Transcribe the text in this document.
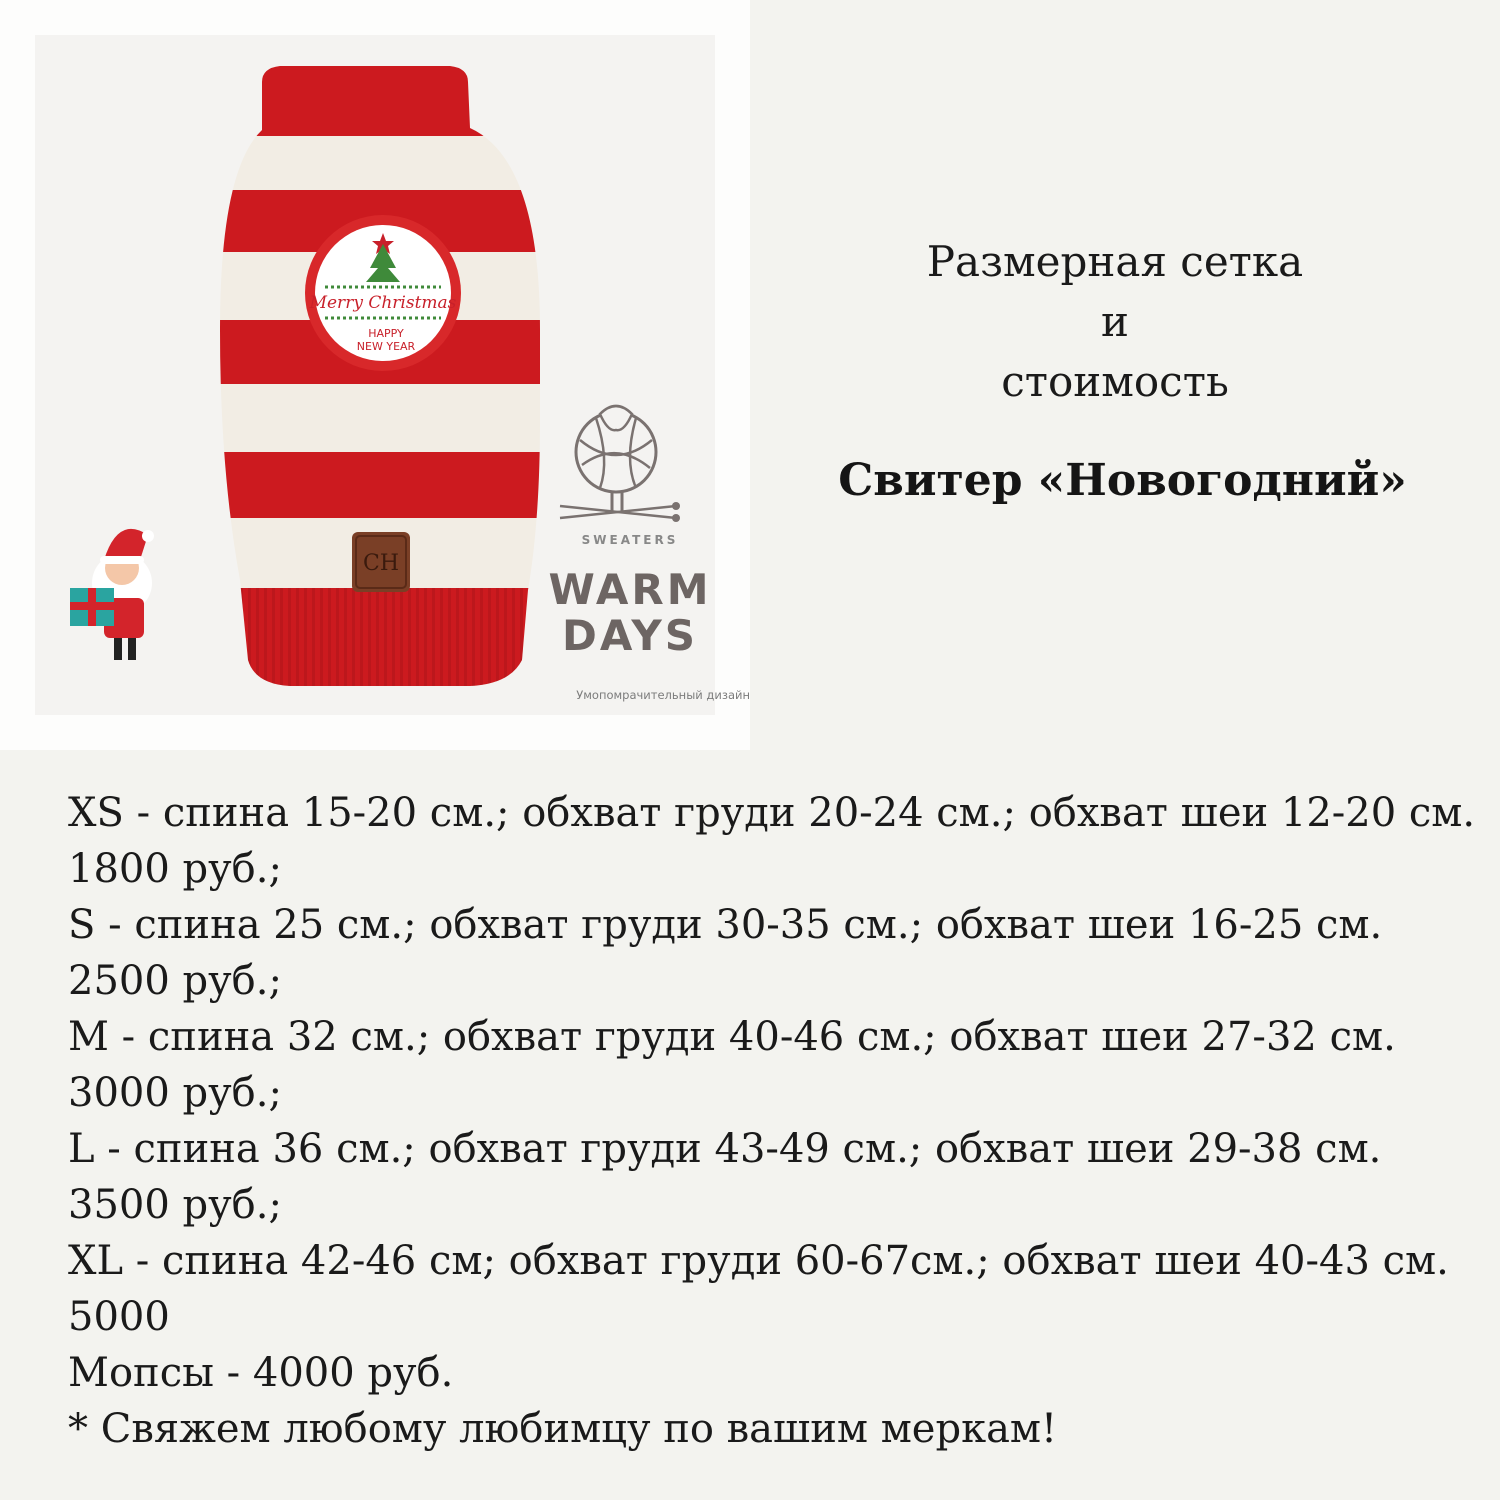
Merry Christmas
HAPPY
NEW YEAR
CH
SWEATERS
WARM
DAYS
Умопомрачительный дизайн
Размерная сетка
и
стоимость
Свитер «Новогодний»
XS - спина 15-20 см.; обхват груди 20-24 см.; обхват шеи 12-20 см.
1800 руб.;
S - спина 25 см.; обхват груди 30-35 см.; обхват шеи 16-25 см.
2500 руб.;
M - спина 32 см.; обхват груди 40-46 см.; обхват шеи 27-32 см.
3000 руб.;
L - спина 36 см.; обхват груди 43-49 см.; обхват шеи 29-38 см.
3500 руб.;
XL - спина 42-46 см; обхват груди 60-67см.; обхват шеи 40-43 см.
5000
Мопсы - 4000 руб.
* Свяжем любому любимцу по вашим меркам!
